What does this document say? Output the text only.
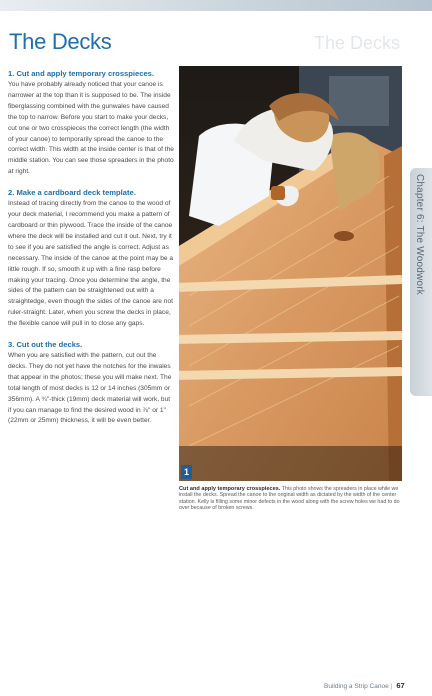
The Decks
The Decks
1. Cut and apply temporary crosspieces.

You have probably already noticed that your canoe is narrower at the top than it is supposed to be. The inside fiberglassing combined with the gunwales have caused the top to narrow. Before you start to make your decks, cut one or two crosspieces the correct length (the width of your canoe) to temporarily spread the canoe to the correct width. This width at the inside center is that of the middle station. You can see those spreaders in the photo at right.

2. Make a cardboard deck template.

Instead of tracing directly from the canoe to the wood of your deck material, I recommend you make a pattern of cardboard or thin plywood. Trace the inside of the canoe where the deck will be installed and cut it out. Next, try it to see if you are satisfied the angle is correct. Adjust as necessary. The inside of the canoe at the point may be a little rough. If so, smooth it up with a fine rasp before making your tracing. Once you determine the angle, the sides of the pattern can be straightened out with a straightedge, even though the sides of the canoe are not ruler-straight. Later, when you screw the decks in place, the flexible canoe will pull in to close any gaps.

3. Cut out the decks.

When you are satisfied with the pattern, cut out the decks. They do not yet have the notches for the inwales that appear in the photos; these you will make next. The total length of most decks is 12 or 14 inches (305mm or 356mm). A ¾"-thick (19mm) deck material will work, but if you can manage to find the desired wood in ⅞" or 1" (22mm or 25mm) thickness, it will be even better.

1
Cut and apply temporary crosspieces. This photo shows the spreaders in place while we install the decks. Spread the canoe to the original width as dictated by the width of the center station. Kelly is filling some minor defects in the wood along with the screw holes we had to do over because of broken screws.
Chapter 6: The Woodwork
Building a Strip Canoe | 67
